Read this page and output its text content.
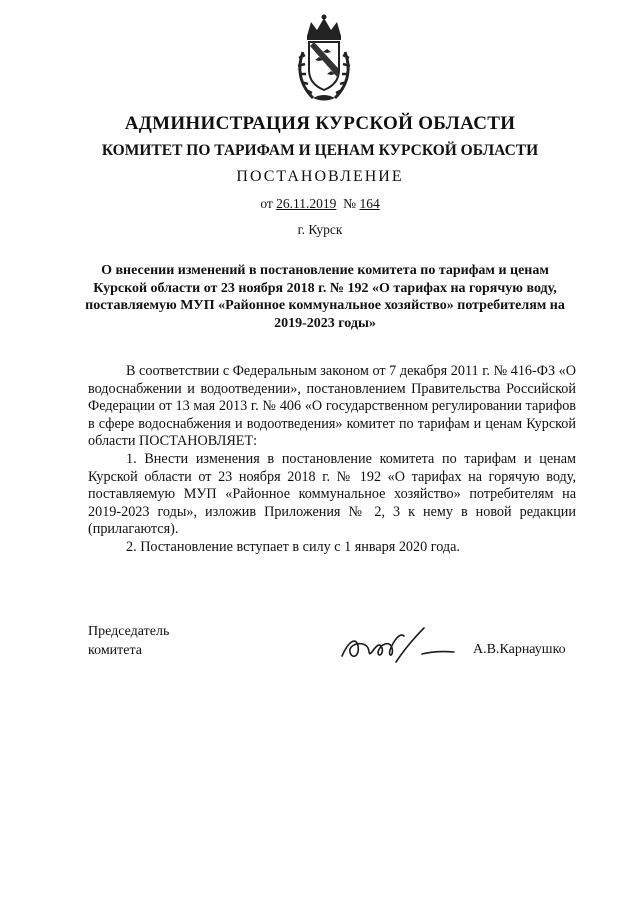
АДМИНИСТРАЦИЯ КУРСКОЙ ОБЛАСТИ
КОМИТЕТ ПО ТАРИФАМ И ЦЕНАМ КУРСКОЙ ОБЛАСТИ
ПОСТАНОВЛЕНИЕ
от 26.11.2019 № 164
г. Курск
О внесении изменений в постановление комитета по тарифам и ценам Курской области от 23 ноября 2018 г. № 192 «О тарифах на горячую воду, поставляемую МУП «Районное коммунальное хозяйство» потребителям на 2019-2023 годы»

В соответствии с Федеральным законом от 7 декабря 2011 г. № 416-ФЗ «О водоснабжении и водоотведении», постановлением Правительства Российской Федерации от 13 мая 2013 г. № 406 «О государственном регулировании тарифов в сфере водоснабжения и водоотведения» комитет по тарифам и ценам Курской области ПОСТАНОВЛЯЕТ:

1. Внести изменения в постановление комитета по тарифам и ценам Курской области от 23 ноября 2018 г. № 192 «О тарифах на горячую воду, поставляемую МУП «Районное коммунальное хозяйство» потребителям на 2019-2023 годы», изложив Приложения № 2, 3 к нему в новой редакции (прилагаются).

2. Постановление вступает в силу с 1 января 2020 года.

Председатель
комитета	А.В.Карнаушко
